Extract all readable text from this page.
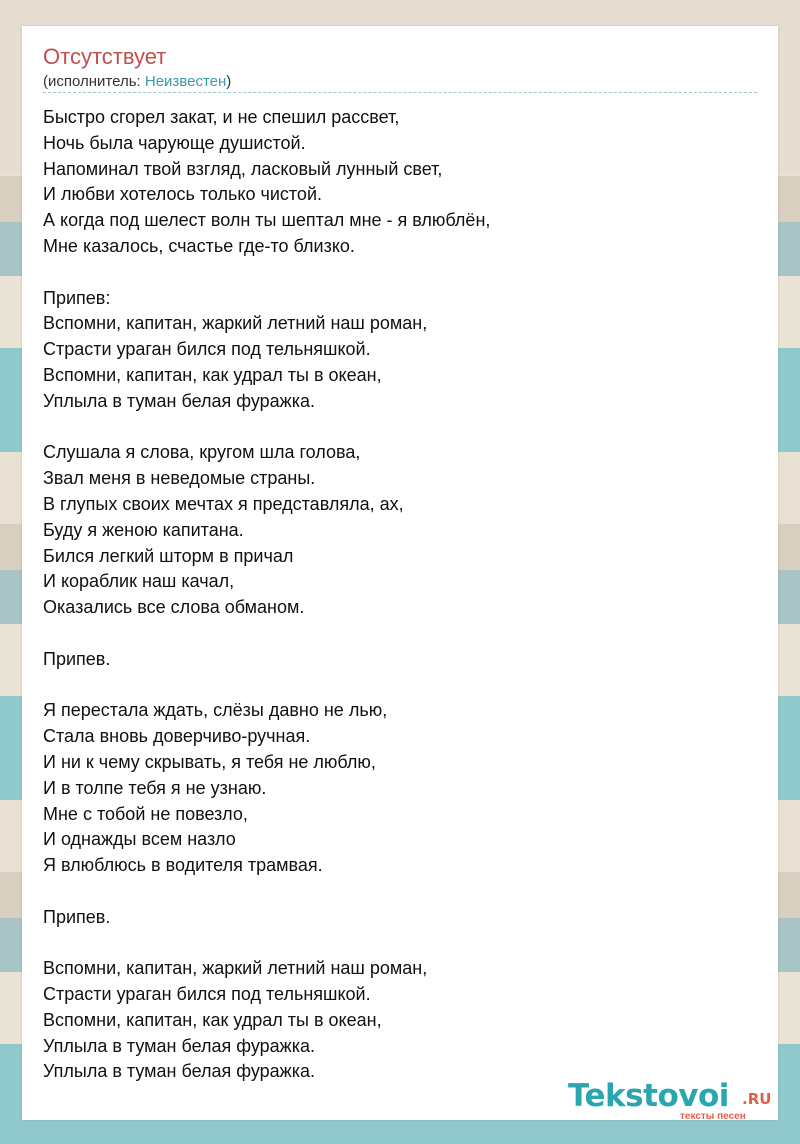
Отсутствует
(исполнитель: Неизвестен)
Быстро сгорел закат, и не спешил рассвет,
Ночь была чарующе душистой.
Напоминал твой взгляд, ласковый лунный свет,
И любви хотелось только чистой.
А когда под шелест волн ты шептал мне - я влюблён,
Мне казалось, счастье где-то близко.
Припев:
Вспомни, капитан, жаркий летний наш роман,
Страсти ураган бился под тельняшкой.
Вспомни, капитан, как удрал ты в океан,
Уплыла в туман белая фуражка.
Слушала я слова, кругом шла голова,
Звал меня в неведомые страны.
В глупых своих мечтах я представляла, ах,
Буду я женою капитана.
Бился легкий шторм в причал
И кораблик наш качал,
Оказались все слова обманом.
Припев.
Я перестала ждать, слёзы давно не лью,
Стала вновь доверчиво-ручная.
И ни к чему скрывать, я тебя не люблю,
И в толпе тебя я не узнаю.
Мне с тобой не повезло,
И однажды всем назло
Я влюблюсь в водителя трамвая.
Припев.
Вспомни, капитан, жаркий летний наш роман,
Страсти ураган бился под тельняшкой.
Вспомни, капитан, как удрал ты в океан,
Уплыла в туман белая фуражка.
Уплыла в туман белая фуражка.
Tekstovoi .RU
тексты песен
